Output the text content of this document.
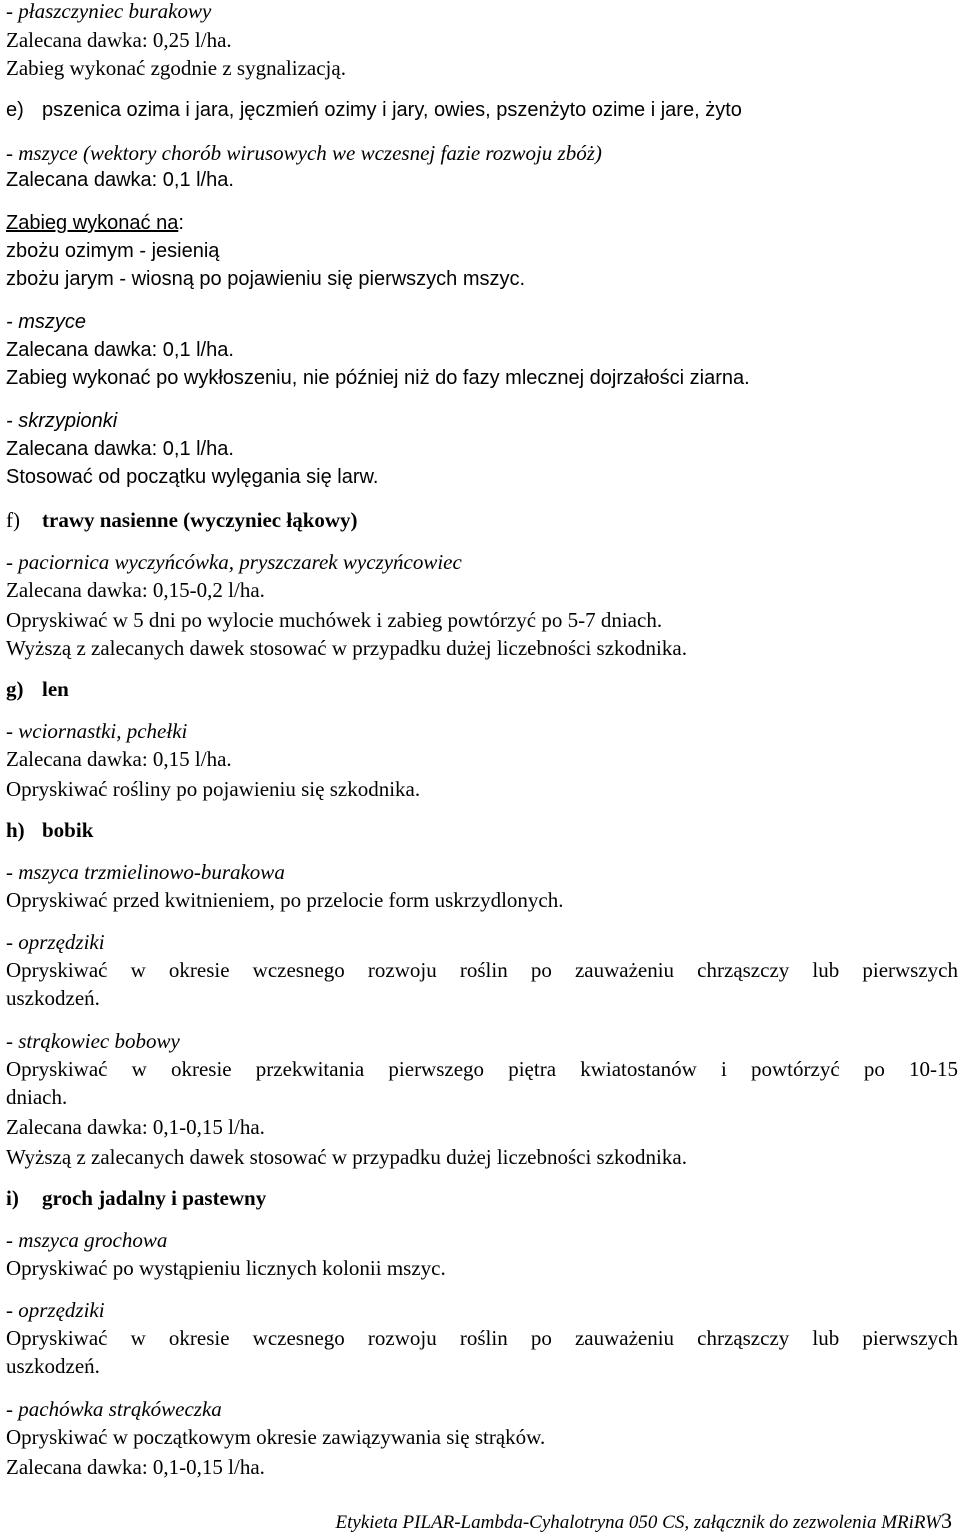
- płaszczyniec burakowy
Zalecana dawka: 0,25 l/ha.
Zabieg wykonać zgodnie z sygnalizacją.
e) pszenica ozima i jara, jęczmień ozimy i jary, owies, pszenżyto ozime i jare, żyto
- mszyce (wektory chorób wirusowych we wczesnej fazie rozwoju zbóż)
Zalecana dawka: 0,1 l/ha.
Zabieg wykonać na:
zbożu ozimym - jesienią
zbożu jarym - wiosną po pojawieniu się pierwszych mszyc.
- mszyce
Zalecana dawka: 0,1 l/ha.
Zabieg wykonać po wykłoszeniu, nie później niż do fazy mlecznej dojrzałości ziarna.
- skrzypionki
Zalecana dawka: 0,1 l/ha.
Stosować od początku wylęgania się larw.
f)	trawy nasienne (wyczyniec łąkowy)
- paciornica wyczyńcówka, pryszczarek wyczyńcowiec
Zalecana dawka: 0,15-0,2 l/ha.
Opryskiwać w 5 dni po wylocie muchówek i zabieg powtórzyć po 5-7 dniach.
Wyższą z zalecanych dawek stosować w przypadku dużej liczebności szkodnika.
g) len
- wciornastki, pchełki
Zalecana dawka: 0,15 l/ha.
Opryskiwać rośliny po pojawieniu się szkodnika.
h) bobik
- mszyca trzmielinowo-burakowa
Opryskiwać przed kwitnieniem, po przelocie form uskrzydlonych.
- oprzędziki
Opryskiwać w okresie wczesnego rozwoju roślin po zauważeniu chrząszczy lub pierwszych
uszkodzeń.
- strąkowiec bobowy
Opryskiwać w okresie przekwitania pierwszego piętra kwiatostanów i powtórzyć po 10-15
dniach.
Zalecana dawka: 0,1-0,15 l/ha.
Wyższą z zalecanych dawek stosować w przypadku dużej liczebności szkodnika.
i)	groch jadalny i pastewny
- mszyca grochowa
Opryskiwać po wystąpieniu licznych kolonii mszyc.
- oprzędziki
Opryskiwać w okresie wczesnego rozwoju roślin po zauważeniu chrząszczy lub pierwszych
uszkodzeń.
- pachówka strąkóweczka
Opryskiwać w początkowym okresie zawiązywania się strąków.
Zalecana dawka: 0,1-0,15 l/ha.
Etykieta PILAR-Lambda-Cyhalotryna 050 CS, załącznik do zezwolenia MRiRW3
